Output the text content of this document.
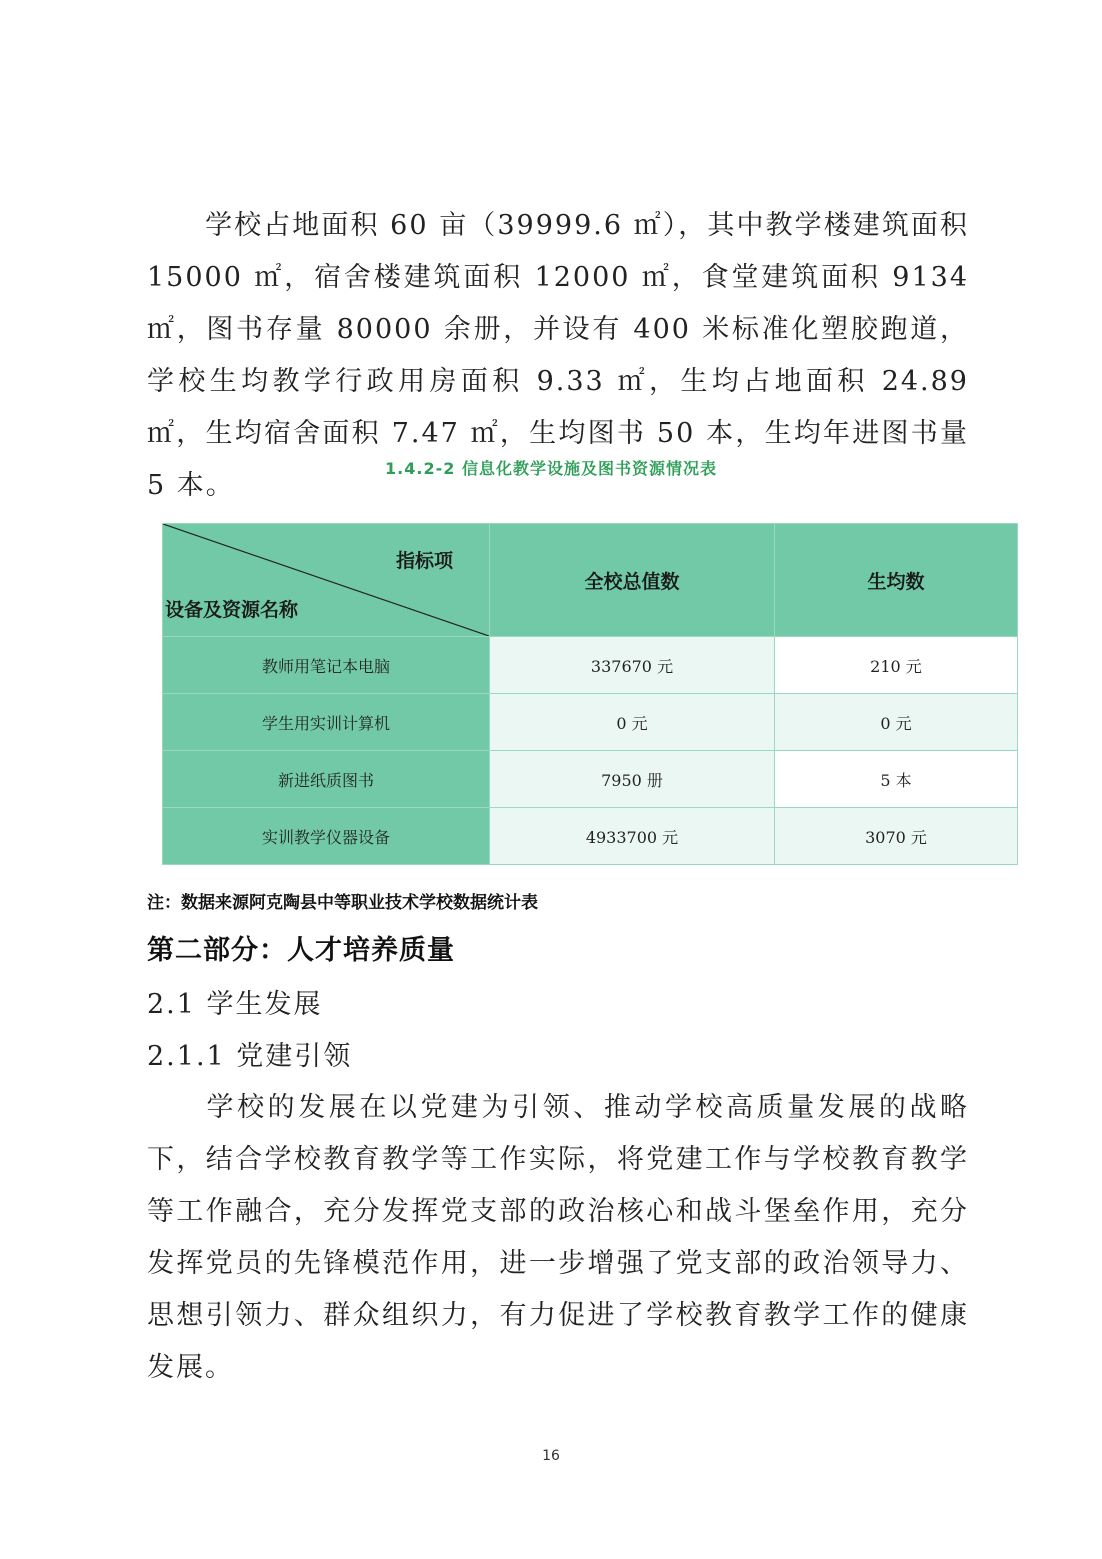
学校占地面积 60 亩（39999.6 ㎡），其中教学楼建筑面积 15000 ㎡，宿舍楼建筑面积 12000 ㎡，食堂建筑面积 9134 ㎡，图书存量 80000 余册，并设有 400 米标准化塑胶跑道，学校生均教学行政用房面积 9.33 ㎡，生均占地面积 24.89 ㎡，生均宿舍面积 7.47 ㎡，生均图书 50 本，生均年进图书量 5 本。

1.4.2-2 信息化教学设施及图书资源情况表
指标项
设备及资源名称	全校总值数	生均数
教师用笔记本电脑	337670 元	210 元
学生用实训计算机	0 元	0 元
新进纸质图书	7950 册	5 本
实训教学仪器设备	4933700 元	3070 元
注：数据来源阿克陶县中等职业技术学校数据统计表
第二部分：人才培养质量
2.1 学生发展
2.1.1 党建引领

学校的发展在以党建为引领、推动学校高质量发展的战略下，结合学校教育教学等工作实际，将党建工作与学校教育教学等工作融合，充分发挥党支部的政治核心和战斗堡垒作用，充分发挥党员的先锋模范作用，进一步增强了党支部的政治领导力、思想引领力、群众组织力，有力促进了学校教育教学工作的健康发展。

16
